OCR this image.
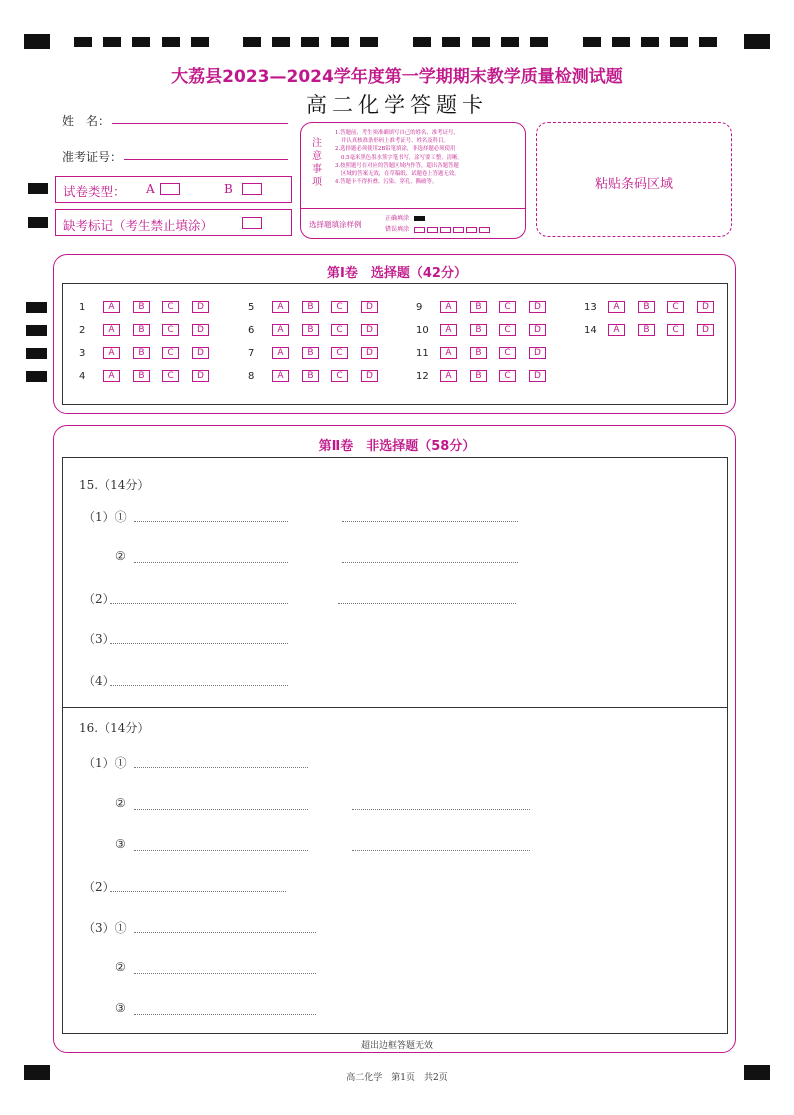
大荔县2023—2024学年度第一学期期末教学质量检测试题
高二化学答题卡
姓　名：
准考证号：
试卷类型： A	B
缺考标记（考生禁止填涂）
注
意
事
项
1.答题前，考生须准确填写自己的姓名、准考证号，
并认真核准条形码上准考证号、姓名及科目。
2.选择题必须使用2B铅笔填涂，非选择题必须使用
0.5毫米黑色墨水签字笔书写，涂写要工整、清晰。
3.按照题号在对应的答题区域内作答，超出各题答题
区域的答案无效，在草稿纸、试题卷上答题无效。
4.答题卡不得折叠、污染、穿孔、撕破等。
选择题填涂样例
正确填涂
错误填涂
粘贴条码区域
第Ⅰ卷　选择题（42分）
1	A	B	C	D
2	A	B	C	D
3	A	B	C	D
4	A	B	C	D
5	A	B	C	D
6	A	B	C	D
7	A	B	C	D
8	A	B	C	D
9	A	B	C	D
10	A	B	C	D
11	A	B	C	D
12	A	B	C	D
13	A	B	C	D
14	A	B	C	D
第Ⅱ卷　非选择题（58分）
15.（14分）
（1）①
②
（2）
（3）
（4）
16.（14分）
（1）①
②
③
（2）
（3）①
②
③
超出边框答题无效
高二化学　第1页　共2页
